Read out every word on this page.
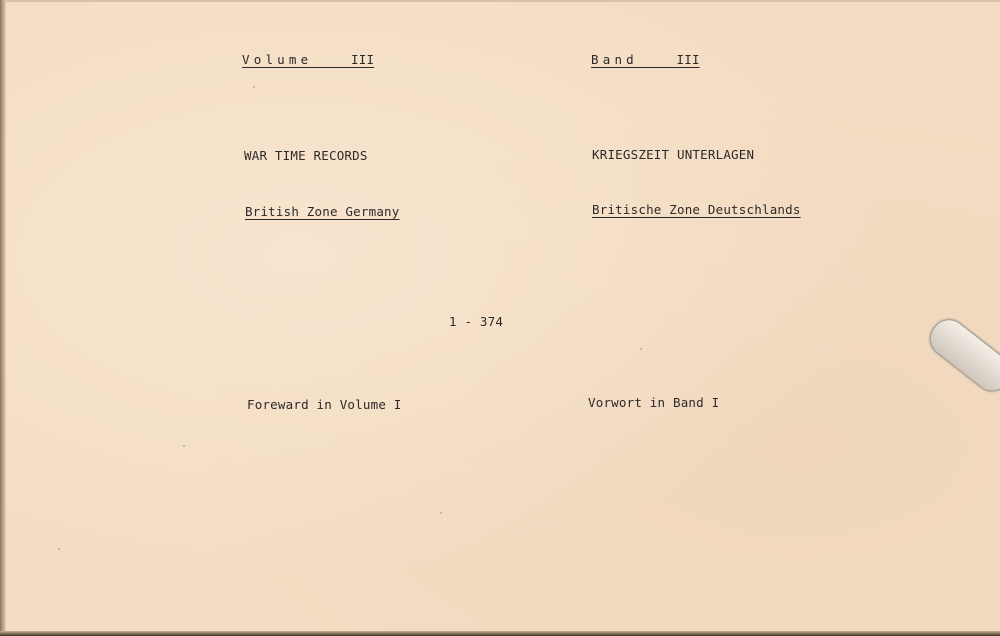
Volume	III	Band	III
WAR TIME RECORDS	KRIEGSZEIT UNTERLAGEN
British Zone Germany	Britische Zone Deutschlands
1 - 374
Foreward in Volume I	Vorwort in Band I
